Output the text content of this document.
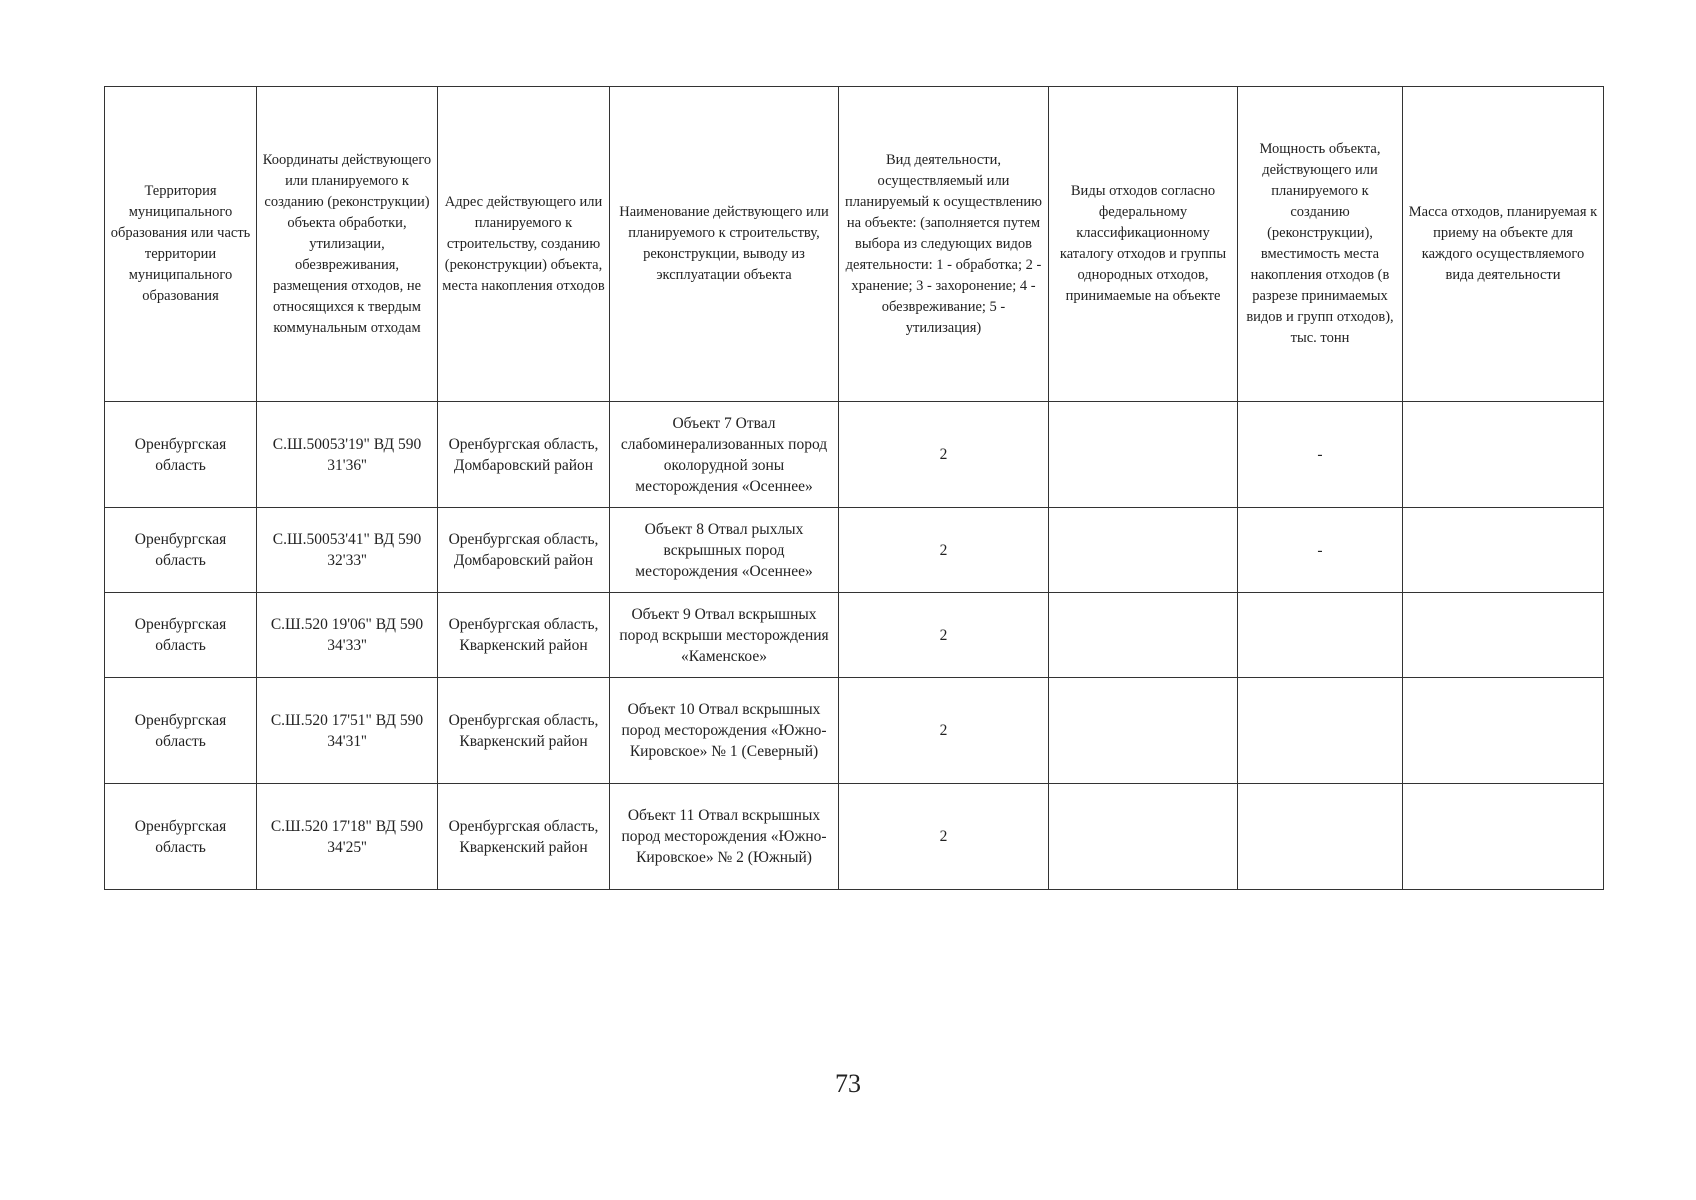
Территория муниципального образования или часть территории муниципального образования	Координаты действующего или планируемого к созданию (реконструкции) объекта обработки, утилизации, обезвреживания, размещения отходов, не относящихся к твердым коммунальным отходам	Адрес действующего или планируемого к строительству, созданию (реконструкции) объекта, места накопления отходов	Наименование действующего или планируемого к строительству, реконструкции, выводу из эксплуатации объекта	Вид деятельности, осуществляемый или планируемый к осуществлению на объекте: (заполняется путем выбора из следующих видов деятельности: 1 - обработка; 2 - хранение; 3 - захоронение; 4 - обезвреживание; 5 - утилизация)	Виды отходов согласно федеральному классификационному каталогу отходов и группы однородных отходов, принимаемые на объекте	Мощность объекта, действующего или планируемого к созданию (реконструкции), вместимость места накопления отходов (в разрезе принимаемых видов и групп отходов), тыс. тонн	Масса отходов, планируемая к приему на объекте для каждого осуществляемого вида деятельности
Оренбургская область	С.Ш.50053'19" ВД 590 31'36''	Оренбургская область, Домбаровский район	Объект 7 Отвал слабоминерализованных пород околорудной зоны месторождения «Осеннее»	2		-	
Оренбургская область	С.Ш.50053'41" ВД 590 32'33''	Оренбургская область, Домбаровский район	Объект 8 Отвал рыхлых вскрышных пород месторождения «Осеннее»	2		-	
Оренбургская область	С.Ш.520 19'06" ВД 590 34'33''	Оренбургская область, Кваркенский район	Объект 9 Отвал вскрышных пород вскрыши месторождения «Каменское»	2			
Оренбургская область	С.Ш.520 17'51" ВД 590 34'31''	Оренбургская область, Кваркенский район	Объект 10 Отвал вскрышных пород месторождения «Южно-Кировское» № 1 (Северный)	2			
Оренбургская область	С.Ш.520 17'18" ВД 590 34'25''	Оренбургская область, Кваркенский район	Объект 11 Отвал вскрышных пород месторождения «Южно-Кировское» № 2 (Южный)	2			
73
